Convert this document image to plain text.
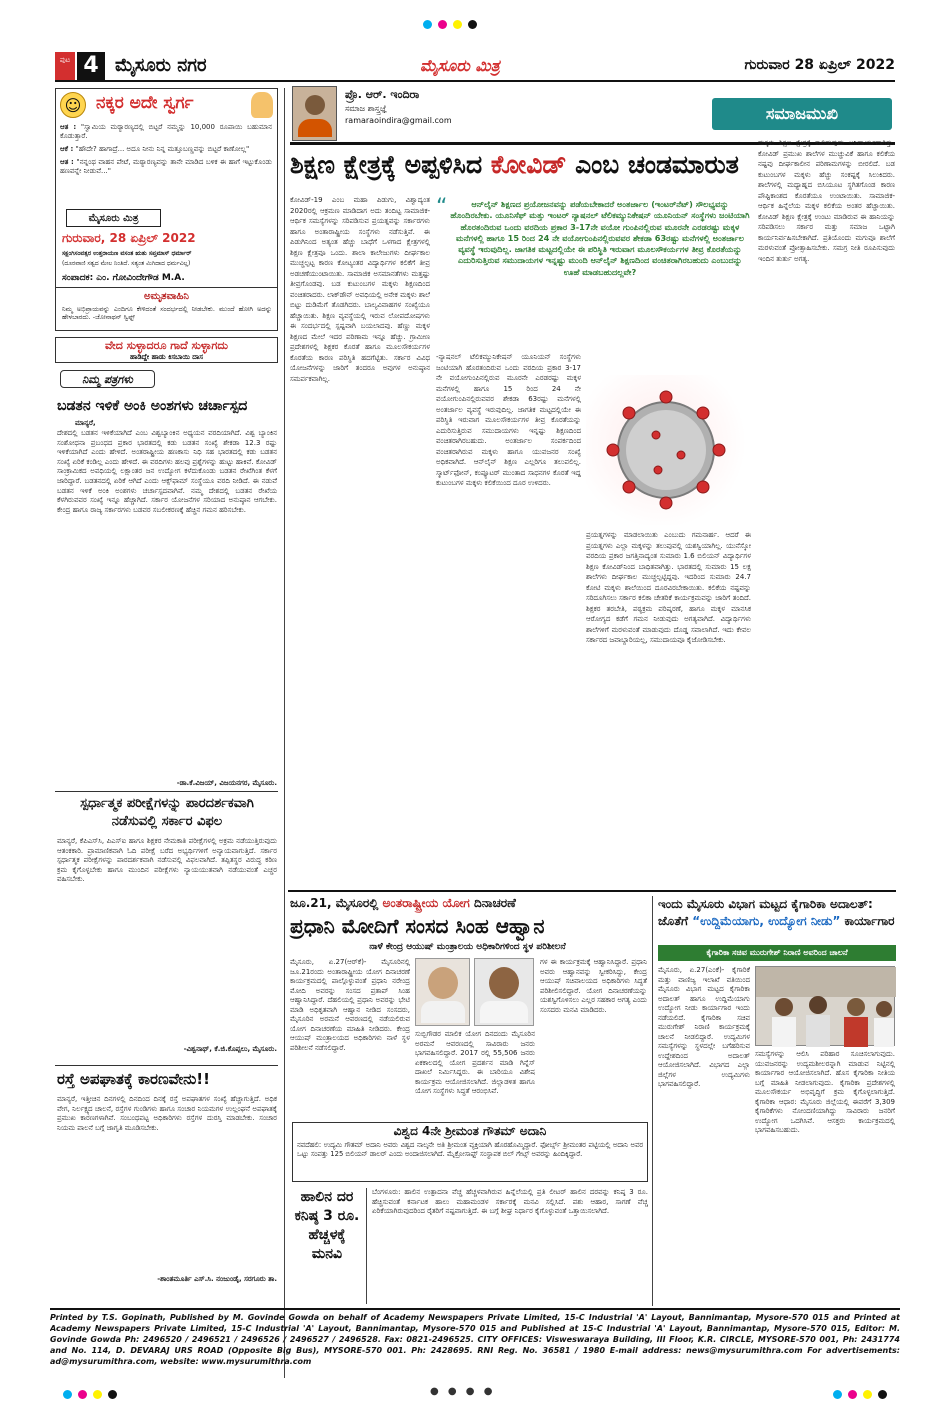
ಪುಟ 4 ಮೈಸೂರು ನಗರ	ಮೈಸೂರು ಮಿತ್ರ	ಗುರುವಾರ 28 ಏಪ್ರಿಲ್ 2022
☺ ನಕ್ಕರ ಅದೇ ಸ್ವರ್ಗ
ಆತ : "ಸ್ವಾಮಿಯ ಮಠ್ಯಾರಣ್ಯದಲ್ಲಿ ಬಿಟ್ಟರೆ ನಮ್ಮನ್ನು 10,000 ರೂಪಾಯಿ ಬಹುಮಾನ ಕೊಡುತ್ತಾರೆ.
ಆಕೆ : "ಹೌದೇ? ಹಾಗಾದ್ರೆ... ಅದೂ ನೀನು ನಿನ್ನ ಮತ್ತೂಬಣ್ಣವನ್ನು ಬಿಟ್ಟರೆ ಕಾಣೋಲ್ಲ"
ಆತ : "ನನ್ನಂಥ ವಾಹನ ಪೇಟೆ, ಮಠ್ಯಾರಣ್ಯವನ್ನು ತಾನೇ ಮಾಡಿದ ಬಳಿಕ ಈ ಹಾಗೆ ಇಟ್ಟುಕೊಂಡು ಹಣವನ್ನೇ ನೀಡುವೆ..."
ಮೈಸೂರು ಮಿತ್ರ
ಗುರುವಾರ, 28 ಏಪ್ರಿಲ್ 2022
ಸಕ್ಷಂಗಿಸಂವತ್ಸರ ಉತ್ತರಾಯಣ ವಸಂತ ಋತು ಸಪ್ತಮಾಸ್ ಧರ್ಮಾರ್
(ದೂರವಾಣಿ ಸತ್ವದ ಮೇಲ ನಿಂತಿದೆ. ಸತ್ಯಂತ ಮಿಗಿದಾದ ಧರ್ಮವಿಲ್ಲ)
ಸಂಪಾದಕ: ಎಂ. ಗೋವಿಂದೇಗೌಡ M.A.
ಅಮೃತವಾಹಿನಿ
ನಿಮ್ಮ ಅಭಿಪ್ರಾಯವನ್ನು ಎಂದಿಗೂ ಕೇಳಿದಂತೆ ಸಂದರ್ಭದಲ್ಲಿ ನೀಡಬೇಕು. ಮುಂದೆ ಹೋಗಿ ಅದನ್ನು ಹೇಳಬಾರದು. -ಜೋನಾಥನ್ ಸ್ವಿಫ್ಟ್
ವೇದ ಸುಳ್ಳಾದರೂ ಗಾದೆ ಸುಳ್ಳಾಗದು
ಹಾಡಿದ್ದೇ ಹಾಡು ಕಿಸಬಾಯಿ ದಾಸ
ನಿಮ್ಮ ಪತ್ರಗಳು
ಬಡತನ ಇಳಿಕೆ ಅಂಕಿ ಅಂಶಗಳು ಚರ್ಚಾಸ್ಪದ
ಮಾನ್ಯರೆ,
ದೇಶದಲ್ಲಿ ಬಡತನ ಇಳಿಕೆಯಾಗಿದೆ ಎಂಬ ವಿಶ್ವಬ್ಯಾಂಕಿನ ಅಧ್ಯಯನ ವರದಿಯಾಗಿದೆ. ವಿಶ್ವ ಬ್ಯಾಂಕಿನ ಸಂಶೋಧನಾ ಪ್ರಬಂಧದ ಪ್ರಕಾರ ಭಾರತದಲ್ಲಿ ಕಡು ಬಡತನ ಸಂಖ್ಯೆ ಶೇಕಡಾ 12.3 ರಷ್ಟು ಇಳಿಕೆಯಾಗಿದೆ ಎಂದು ಹೇಳಿದೆ. ಅಂತರಾಷ್ಟ್ರೀಯ ಹಣಕಾಸು ನಿಧಿ ಸಹ ಭಾರತದಲ್ಲಿ ಕಡು ಬಡತನ ಸಂಖ್ಯೆ ಏರಿಕೆ ಕಂಡಿಲ್ಲ ಎಂದು ಹೇಳಿದೆ. ಈ ವರದಿಗಳು ಹಲವು ಪ್ರಶ್ನೆಗಳನ್ನು ಹುಟ್ಟು ಹಾಕಿವೆ. ಕೋವಿಡ್ ಸಾಂಕ್ರಾಮಿಕದ ಅವಧಿಯಲ್ಲಿ ಲಕ್ಷಾಂತರ ಜನ ಉದ್ಯೋಗ ಕಳೆದುಕೊಂಡು ಬಡತನ ರೇಖೆಗಿಂತ ಕೆಳಗೆ ಜಾರಿದ್ದಾರೆ. ಬಡತನದಲ್ಲಿ ಏರಿಕೆ ಆಗಿದೆ ಎಂದು ಆಕ್ಸ್‌ಫಾಮ್ ಸಂಸ್ಥೆಯೂ ವರದಿ ನೀಡಿದೆ. ಈ ನಡುವೆ ಬಡತನ ಇಳಿಕೆ ಅಂಕಿ ಅಂಶಗಳು ಚರ್ಚಾಸ್ಪದವಾಗಿವೆ. ನಮ್ಮ ದೇಶದಲ್ಲಿ ಬಡತನ ರೇಖೆಯ ಕೆಳಗಿರುವವರ ಸಂಖ್ಯೆ ಇನ್ನೂ ಹೆಚ್ಚಾಗಿದೆ. ಸರ್ಕಾರ ಯೋಜನೆಗಳ ಸರಿಯಾದ ಅನುಷ್ಠಾನ ಆಗಬೇಕು. ಕೇಂದ್ರ ಹಾಗೂ ರಾಜ್ಯ ಸರ್ಕಾರಗಳು ಬಡವರ ಸಬಲೀಕರಣಕ್ಕೆ ಹೆಚ್ಚಿನ ಗಮನ ಹರಿಸಬೇಕು.
-ಡಾ.ಕೆ.ವಿಜಯ್, ವಿಜಯನಗರ, ಮೈಸೂರು.
ಸ್ಪರ್ಧಾತ್ಮಕ ಪರೀಕ್ಷೆಗಳನ್ನು ಪಾರದರ್ಶಕವಾಗಿ ನಡೆಸುವಲ್ಲಿ ಸರ್ಕಾರ ವಿಫಲ
ಮಾನ್ಯರೆ, ಕೆಪಿಎಸ್‌ಸಿ, ಪಿಎಸ್‌ಐ ಹಾಗೂ ಶಿಕ್ಷಕರ ನೇಮಕಾತಿ ಪರೀಕ್ಷೆಗಳಲ್ಲಿ ಅಕ್ರಮ ನಡೆಯುತ್ತಿರುವುದು ಆತಂಕಕಾರಿ. ಪ್ರಾಮಾಣಿಕವಾಗಿ ಓದಿ ಪರೀಕ್ಷೆ ಬರೆದ ಅಭ್ಯರ್ಥಿಗಳಿಗೆ ಅನ್ಯಾಯವಾಗುತ್ತಿದೆ. ಸರ್ಕಾರ ಸ್ಪರ್ಧಾತ್ಮಕ ಪರೀಕ್ಷೆಗಳನ್ನು ಪಾರದರ್ಶಕವಾಗಿ ನಡೆಸುವಲ್ಲಿ ವಿಫಲವಾಗಿದೆ. ತಪ್ಪಿತಸ್ಥರ ವಿರುದ್ಧ ಕಠಿಣ ಕ್ರಮ ಕೈಗೊಳ್ಳಬೇಕು ಹಾಗೂ ಮುಂದಿನ ಪರೀಕ್ಷೆಗಳು ನ್ಯಾಯಯುತವಾಗಿ ನಡೆಯುವಂತೆ ಎಚ್ಚರ ವಹಿಸಬೇಕು.
-ವಿಶ್ವನಾಥ್, ಕೆ.ಜಿ.ಕೊಪ್ಪಲು, ಮೈಸೂರು.
ರಸ್ತೆ ಅಪಘಾತಕ್ಕೆ ಕಾರಣವೇನು!!
ಮಾನ್ಯರೆ, ಇತ್ತೀಚಿನ ದಿನಗಳಲ್ಲಿ ದಿನದಿಂದ ದಿನಕ್ಕೆ ರಸ್ತೆ ಅಪಘಾತಗಳ ಸಂಖ್ಯೆ ಹೆಚ್ಚಾಗುತ್ತಿದೆ. ಅಧಿಕ ವೇಗ, ನಿರ್ಲಕ್ಷ್ಯದ ಚಾಲನೆ, ರಸ್ತೆಗಳ ಗುಂಡಿಗಳು ಹಾಗೂ ಸಂಚಾರ ನಿಯಮಗಳ ಉಲ್ಲಂಘನೆ ಅಪಘಾತಕ್ಕೆ ಪ್ರಮುಖ ಕಾರಣಗಳಾಗಿವೆ. ಸಂಬಂಧಪಟ್ಟ ಅಧಿಕಾರಿಗಳು ರಸ್ತೆಗಳ ದುರಸ್ತಿ ಮಾಡಬೇಕು. ಸಂಚಾರ ನಿಯಮ ಪಾಲನೆ ಬಗ್ಗೆ ಜಾಗೃತಿ ಮೂಡಿಸಬೇಕು.
-ಶಾಂತಮೂರ್ತಿ ಎಸ್.ಸಿ. ನಂಜುಂಡೈ, ಸರಗೂರು ತಾ.
ಪ್ರೊ. ಆರ್. ಇಂದಿರಾ
ಸಮಾಜ ಶಾಸ್ತ್ರಜ್ಞೆ
ramaraoindira@gmail.com	ಸಮಾಜಮುಖಿ
ಶಿಕ್ಷಣ ಕ್ಷೇತ್ರಕ್ಕೆ ಅಪ್ಪಳಿಸಿದ ಕೋವಿಡ್ ಎಂಬ ಚಂಡಮಾರುತ
“	ಆನ್‌ಲೈನ್ ಶಿಕ್ಷಣದ ಪ್ರಯೋಜನವನ್ನು ಪಡೆಯಬೇಕಾದರೆ ಅಂತರ್ಜಾಲ (ಇಂಟರ್‌ನೆಟ್) ಸೌಲಭ್ಯವನ್ನು ಹೊಂದಿರಬೇಕು. ಯೂನಿಸೆಫ್ ಮತ್ತು ಇಂಟರ್ ನ್ಯಾಷನಲ್ ಟೆಲಿಕಮ್ಯುನಿಕೇಷನ್ ಯೂನಿಯನ್ ಸಂಸ್ಥೆಗಳು ಜಂಟಿಯಾಗಿ ಹೊರತಂದಿರುವ ಒಂದು ವರದಿಯ ಪ್ರಕಾರ 3-17ನೇ ವಯೋ ಗುಂಪಿನಲ್ಲಿರುವ ಮೂರನೇ ಎರಡರಷ್ಟು ಮಕ್ಕಳ ಮನೆಗಳಲ್ಲಿ ಹಾಗೂ 15 ರಿಂದ 24 ನೇ ವಯೋಗುಂಪಿನಲ್ಲಿರುವವರ ಶೇಕಡಾ 63ರಷ್ಟು ಮನೆಗಳಲ್ಲಿ ಅಂತರ್ಜಾಲ ವ್ಯವಸ್ಥೆ ಇರುವುದಿಲ್ಲ. ಜಾಗತಿಕ ಮಟ್ಟದಲ್ಲಿಯೇ ಈ ಪರಿಸ್ಥಿತಿ ಇರುವಾಗ ಮೂಲಸೌಕರ್ಯಗಳ ತೀವ್ರ ಕೊರತೆಯನ್ನು ಎದುರಿಸುತ್ತಿರುವ ಸಮುದಾಯಗಳ ಇನ್ನಷ್ಟು ಮುಂದಿ ಆನ್‌ಲೈನ್ ಶಿಕ್ಷಣದಿಂದ ವಂಚಿತರಾಗಿರಬಹುದು ಎಂಬುದನ್ನು ಊಹೆ ಮಾಡಬಹುದಲ್ಲವೇ?
ಕೋವಿಡ್-19 ಎಂಬ ಮಹಾ ಪಿಡುಗು, ವಿಶ್ವಾದ್ಯಂತ 2020ರಲ್ಲಿ ಆಕ್ರಮಣ ಮಾಡಿದಾಗ ಅದು ತಂದಿಟ್ಟ ಸಾಮಾಜಿಕ-ಆರ್ಥಿಕ ಸಮಸ್ಯೆಗಳನ್ನು ಸರಿಪಡಿಸುವ ಪ್ರಯತ್ನವನ್ನು ಸರ್ಕಾರಗಳು ಹಾಗೂ ಅಂತಾರಾಷ್ಟ್ರೀಯ ಸಂಸ್ಥೆಗಳು ನಡೆಸುತ್ತಿವೆ. ಈ ಪಿಡುಗಿನಿಂದ ಅತ್ಯಂತ ಹೆಚ್ಚು ಬಾಧೆಗೆ ಒಳಗಾದ ಕ್ಷೇತ್ರಗಳಲ್ಲಿ ಶಿಕ್ಷಣ ಕ್ಷೇತ್ರವೂ ಒಂದು. ಶಾಲಾ ಕಾಲೇಜುಗಳು ದೀರ್ಘಕಾಲ ಮುಚ್ಚಲ್ಪಟ್ಟ ಕಾರಣ ಕೋಟ್ಯಂತರ ವಿದ್ಯಾರ್ಥಿಗಳ ಕಲಿಕೆಗೆ ತೀವ್ರ ಅಡಚಣೆಯುಂಟಾಯಿತು. ಸಾಮಾಜಿಕ ಅಸಮಾನತೆಗಳು ಮತ್ತಷ್ಟು ತೀವ್ರಗೊಂಡವು. ಬಡ ಕುಟುಂಬಗಳ ಮಕ್ಕಳು ಶಿಕ್ಷಣದಿಂದ ವಂಚಿತರಾದರು. ಲಾಕ್‌ಡೌನ್ ಅವಧಿಯಲ್ಲಿ ಅನೇಕ ಮಕ್ಕಳು ಶಾಲೆ ಬಿಟ್ಟು ದುಡಿಮೆಗೆ ತೊಡಗಿದರು. ಬಾಲ್ಯವಿವಾಹಗಳ ಸಂಖ್ಯೆಯೂ ಹೆಚ್ಚಾಯಿತು. ಶಿಕ್ಷಣ ವ್ಯವಸ್ಥೆಯಲ್ಲಿ ಇರುವ ಲೋಪದೋಷಗಳು ಈ ಸಂದರ್ಭದಲ್ಲಿ ಸ್ಪಷ್ಟವಾಗಿ ಬಯಲಾದವು. ಹೆಣ್ಣು ಮಕ್ಕಳ ಶಿಕ್ಷಣದ ಮೇಲೆ ಇದರ ಪರಿಣಾಮ ಇನ್ನೂ ಹೆಚ್ಚು. ಗ್ರಾಮೀಣ ಪ್ರದೇಶಗಳಲ್ಲಿ ಶಿಕ್ಷಕರ ಕೊರತೆ ಹಾಗೂ ಮೂಲಸೌಕರ್ಯಗಳ ಕೊರತೆಯ ಕಾರಣ ಪರಿಸ್ಥಿತಿ ಹದಗೆಟ್ಟಿತು. ಸರ್ಕಾರ ವಿವಿಧ ಯೋಜನೆಗಳನ್ನು ಜಾರಿಗೆ ತಂದರೂ ಅವುಗಳ ಅನುಷ್ಠಾನ ಸಮರ್ಪಕವಾಗಿಲ್ಲ.
-ನ್ಯಾಷನಲ್ ಟೆಲಿಕಮ್ಯುನಿಕೇಷನ್ ಯೂನಿಯನ್ ಸಂಸ್ಥೆಗಳು ಜಂಟಿಯಾಗಿ ಹೊರತಂದಿರುವ ಒಂದು ವರದಿಯ ಪ್ರಕಾರ 3-17 ನೇ ವಯೋಗುಂಪಿನಲ್ಲಿರುವ ಮೂರನೇ ಎರಡರಷ್ಟು ಮಕ್ಕಳ ಮನೆಗಳಲ್ಲಿ ಹಾಗೂ 15 ರಿಂದ 24 ನೇ ವಯೋಗುಂಪಿನಲ್ಲಿರುವವರ ಶೇಕಡಾ 63ರಷ್ಟು ಮನೆಗಳಲ್ಲಿ ಅಂತರ್ಜಾಲ ವ್ಯವಸ್ಥೆ ಇರುವುದಿಲ್ಲ. ಜಾಗತಿಕ ಮಟ್ಟದಲ್ಲಿಯೇ ಈ ಪರಿಸ್ಥಿತಿ ಇರುವಾಗ ಮೂಲಸೌಕರ್ಯಗಳ ತೀವ್ರ ಕೊರತೆಯನ್ನು ಎದುರಿಸುತ್ತಿರುವ ಸಮುದಾಯಗಳು ಇನ್ನಷ್ಟು ಶಿಕ್ಷಣದಿಂದ ವಂಚಿತರಾಗಿರಬಹುದು. ಅಂತರ್ಜಾಲ ಸಂಪರ್ಕದಿಂದ ವಂಚಿತರಾಗಿರುವ ಮಕ್ಕಳು ಹಾಗೂ ಯುವಜನರ ಸಂಖ್ಯೆ ಅಧಿಕವಾಗಿದೆ. ಆನ್‌ಲೈನ್ ಶಿಕ್ಷಣ ಎಲ್ಲರಿಗೂ ತಲುಪಲಿಲ್ಲ. ಸ್ಮಾರ್ಟ್‌ಫೋನ್, ಕಂಪ್ಯೂಟರ್ ಮುಂತಾದ ಸಾಧನಗಳ ಕೊರತೆ ಇದ್ದ ಕುಟುಂಬಗಳ ಮಕ್ಕಳು ಕಲಿಕೆಯಿಂದ ದೂರ ಉಳಿದರು.
ಪ್ರಯತ್ನಗಳನ್ನು ಮಾಡಲಾಯಿತು ಎಂಬುದು ಗಮನಾರ್ಹ. ಆದರೆ ಈ ಪ್ರಯತ್ನಗಳು ಎಲ್ಲಾ ಮಕ್ಕಳನ್ನು ತಲುಪುವಲ್ಲಿ ಯಶಸ್ವಿಯಾಗಿಲ್ಲ. ಯುನೆಸ್ಕೋ ವರದಿಯ ಪ್ರಕಾರ ಜಗತ್ತಿನಾದ್ಯಂತ ಸುಮಾರು 1.6 ಬಿಲಿಯನ್ ವಿದ್ಯಾರ್ಥಿಗಳ ಶಿಕ್ಷಣ ಕೋವಿಡ್‌ನಿಂದ ಬಾಧಿತವಾಗಿತ್ತು. ಭಾರತದಲ್ಲಿ ಸುಮಾರು 15 ಲಕ್ಷ ಶಾಲೆಗಳು ದೀರ್ಘಕಾಲ ಮುಚ್ಚಲ್ಪಟ್ಟಿದ್ದವು. ಇದರಿಂದ ಸುಮಾರು 24.7 ಕೋಟಿ ಮಕ್ಕಳು ಶಾಲೆಯಿಂದ ದೂರವಿರಬೇಕಾಯಿತು. ಕಲಿಕೆಯ ನಷ್ಟವನ್ನು ಸರಿದೂಗಿಸಲು ಸರ್ಕಾರ ಕಲಿಕಾ ಚೇತರಿಕೆ ಕಾರ್ಯಕ್ರಮವನ್ನು ಜಾರಿಗೆ ತಂದಿದೆ. ಶಿಕ್ಷಕರ ತರಬೇತಿ, ಪಠ್ಯಕ್ರಮ ಪರಿಷ್ಕರಣೆ, ಹಾಗೂ ಮಕ್ಕಳ ಮಾನಸಿಕ ಆರೋಗ್ಯದ ಕಡೆಗೆ ಗಮನ ನೀಡುವುದು ಅಗತ್ಯವಾಗಿದೆ. ವಿದ್ಯಾರ್ಥಿಗಳು ಶಾಲೆಗಳಿಗೆ ಮರಳುವಂತೆ ಮಾಡುವುದು ದೊಡ್ಡ ಸವಾಲಾಗಿದೆ. ಇದು ಕೇವಲ ಸರ್ಕಾರದ ಜವಾಬ್ದಾರಿಯಲ್ಲ, ಸಮುದಾಯವೂ ಕೈಜೋಡಿಸಬೇಕು.
ಮಕ್ಕಳು ಶಿಕ್ಷಣ ಕ್ಷೇತ್ರಕ್ಕೆ ಕಾಲಿಡುವುದು ಅನಿವಾರ್ಯವಾಗಿತ್ತು. ಕೋವಿಡ್ ಪ್ರಮುಖ ಶಾಲೆಗಳ ಮುಚ್ಚುವಿಕೆ ಹಾಗೂ ಕಲಿಕೆಯ ನಷ್ಟವು ದೀರ್ಘಕಾಲೀನ ಪರಿಣಾಮಗಳನ್ನು ಬೀರಲಿದೆ. ಬಡ ಕುಟುಂಬಗಳ ಮಕ್ಕಳು ಹೆಚ್ಚು ಸಂಕಷ್ಟಕ್ಕೆ ಸಿಲುಕಿದರು. ಶಾಲೆಗಳಲ್ಲಿ ಮಧ್ಯಾಹ್ನದ ಬಿಸಿಯೂಟ ಸ್ಥಗಿತಗೊಂಡ ಕಾರಣ ಪೌಷ್ಟಿಕಾಂಶದ ಕೊರತೆಯೂ ಉಂಟಾಯಿತು. ಸಾಮಾಜಿಕ-ಆರ್ಥಿಕ ಹಿನ್ನೆಲೆಯ ಮಕ್ಕಳ ಕಲಿಕೆಯ ಅಂತರ ಹೆಚ್ಚಾಯಿತು. ಕೋವಿಡ್ ಶಿಕ್ಷಣ ಕ್ಷೇತ್ರಕ್ಕೆ ಉಂಟು ಮಾಡಿರುವ ಈ ಹಾನಿಯನ್ನು ಸರಿಪಡಿಸಲು ಸರ್ಕಾರ ಮತ್ತು ಸಮಾಜ ಒಟ್ಟಾಗಿ ಕಾರ್ಯನಿರ್ವಹಿಸಬೇಕಾಗಿದೆ. ಪ್ರತಿಯೊಂದು ಮಗುವೂ ಶಾಲೆಗೆ ಮರಳುವಂತೆ ಪ್ರೋತ್ಸಾಹಿಸಬೇಕು. ಸಮಗ್ರ ನೀತಿ ರೂಪಿಸುವುದು ಇಂದಿನ ತುರ್ತು ಅಗತ್ಯ.
ಜೂ.21, ಮೈಸೂರಲ್ಲಿ ಅಂತರಾಷ್ಟ್ರೀಯ ಯೋಗ ದಿನಾಚರಣೆ
ಪ್ರಧಾನಿ ಮೋದಿಗೆ ಸಂಸದ ಸಿಂಹ ಆಹ್ವಾನ
ನಾಳೆ ಕೇಂದ್ರ ಆಯುಷ್ ಮಂತ್ರಾಲಯ ಅಧಿಕಾರಿಗಳಿಂದ ಸ್ಥಳ ಪರಿಶೀಲನೆ
ಮೈಸೂರು, ಏ.27(ಆರ್‌ಕೆ)- ಮೈಸೂರಿನಲ್ಲಿ ಜೂ.21ರಂದು ಅಂತಾರಾಷ್ಟ್ರೀಯ ಯೋಗ ದಿನಾಚರಣೆ ಕಾರ್ಯಕ್ರಮದಲ್ಲಿ ಪಾಲ್ಗೊಳ್ಳುವಂತೆ ಪ್ರಧಾನಿ ನರೇಂದ್ರ ಮೋದಿ ಅವರನ್ನು ಸಂಸದ ಪ್ರತಾಪ್ ಸಿಂಹ ಆಹ್ವಾನಿಸಿದ್ದಾರೆ. ದೆಹಲಿಯಲ್ಲಿ ಪ್ರಧಾನಿ ಅವರನ್ನು ಭೇಟಿ ಮಾಡಿ ಅಧಿಕೃತವಾಗಿ ಆಹ್ವಾನ ನೀಡಿದ ಸಂಸದರು, ಮೈಸೂರಿನ ಅರಮನೆ ಆವರಣದಲ್ಲಿ ನಡೆಯಲಿರುವ ಯೋಗ ದಿನಾಚರಣೆಯ ಮಾಹಿತಿ ನೀಡಿದರು. ಕೇಂದ್ರ ಆಯುಷ್ ಮಂತ್ರಾಲಯದ ಅಧಿಕಾರಿಗಳು ನಾಳೆ ಸ್ಥಳ ಪರಿಶೀಲನೆ ನಡೆಸಲಿದ್ದಾರೆ.
ಸುಬ್ಬಿಗೌಡರ ಮಾಲಿಕ ಯೋಗ ದಿನದಂದು ಮೈಸೂರಿನ ಅರಮನೆ ಆವರಣದಲ್ಲಿ ಸಾವಿರಾರು ಜನರು ಭಾಗವಹಿಸಲಿದ್ದಾರೆ. 2017 ರಲ್ಲಿ 55,506 ಜನರು ಏಕಕಾಲದಲ್ಲಿ ಯೋಗ ಪ್ರದರ್ಶನ ಮಾಡಿ ಗಿನ್ನೆಸ್ ದಾಖಲೆ ನಿರ್ಮಿಸಿದ್ದರು. ಈ ಬಾರಿಯೂ ವಿಶೇಷ ಕಾರ್ಯಕ್ರಮ ಆಯೋಜಿಸಲಾಗಿದೆ. ಜಿಲ್ಲಾಡಳಿತ ಹಾಗೂ ಯೋಗ ಸಂಸ್ಥೆಗಳು ಸಿದ್ಧತೆ ಆರಂಭಿಸಿವೆ.
ಗಳ ಈ ಕಾರ್ಯಕ್ರಮಕ್ಕೆ ಆಹ್ವಾನಿಸಿದ್ದಾರೆ. ಪ್ರಧಾನಿ ಅವರು ಆಹ್ವಾನವನ್ನು ಸ್ವೀಕರಿಸಿದ್ದು, ಕೇಂದ್ರ ಆಯುಷ್ ಸಚಿವಾಲಯದ ಅಧಿಕಾರಿಗಳು ಸಿದ್ಧತೆ ಪರಿಶೀಲಿಸಲಿದ್ದಾರೆ. ಯೋಗ ದಿನಾಚರಣೆಯನ್ನು ಯಶಸ್ವಿಗೊಳಿಸಲು ಎಲ್ಲರ ಸಹಕಾರ ಅಗತ್ಯ ಎಂದು ಸಂಸದರು ಮನವಿ ಮಾಡಿದರು.
ವಿಶ್ವದ 4ನೇ ಶ್ರೀಮಂತ ಗೌತಮ್ ಅದಾನಿ
ನವದೆಹಲಿ: ಉದ್ಯಮಿ ಗೌತಮ್ ಅದಾನಿ ಅವರು ವಿಶ್ವದ ನಾಲ್ಕನೇ ಅತಿ ಶ್ರೀಮಂತ ವ್ಯಕ್ತಿಯಾಗಿ ಹೊರಹೊಮ್ಮಿದ್ದಾರೆ. ಫೋರ್ಬ್ಸ್ ಶ್ರೀಮಂತರ ಪಟ್ಟಿಯಲ್ಲಿ ಅದಾನಿ ಅವರ ಒಟ್ಟು ಸಂಪತ್ತು 125 ಬಿಲಿಯನ್ ಡಾಲರ್ ಎಂದು ಅಂದಾಜಿಸಲಾಗಿದೆ. ಮೈಕ್ರೋಸಾಫ್ಟ್ ಸಂಸ್ಥಾಪಕ ಬಿಲ್ ಗೇಟ್ಸ್ ಅವರನ್ನು ಹಿಂದಿಕ್ಕಿದ್ದಾರೆ.
ಹಾಲಿನ ದರ ಕನಿಷ್ಠ 3 ರೂ. ಹೆಚ್ಚಳಕ್ಕೆ ಮನವಿ
ಬೆಂಗಳೂರು: ಹಾಲಿನ ಉತ್ಪಾದನಾ ವೆಚ್ಚ ಹೆಚ್ಚಳವಾಗಿರುವ ಹಿನ್ನೆಲೆಯಲ್ಲಿ ಪ್ರತಿ ಲೀಟರ್ ಹಾಲಿನ ದರವನ್ನು ಕನಿಷ್ಠ 3 ರೂ. ಹೆಚ್ಚಿಸುವಂತೆ ಕರ್ನಾಟಕ ಹಾಲು ಮಹಾಮಂಡಳ ಸರ್ಕಾರಕ್ಕೆ ಮನವಿ ಸಲ್ಲಿಸಿದೆ. ಪಶು ಆಹಾರ, ಸಾಗಣೆ ವೆಚ್ಚ ಏರಿಕೆಯಾಗಿರುವುದರಿಂದ ರೈತರಿಗೆ ನಷ್ಟವಾಗುತ್ತಿದೆ. ಈ ಬಗ್ಗೆ ಶೀಘ್ರ ನಿರ್ಧಾರ ಕೈಗೊಳ್ಳುವಂತೆ ಒತ್ತಾಯಿಸಲಾಗಿದೆ.
ಇಂದು ಮೈಸೂರು ವಿಭಾಗ ಮಟ್ಟದ ಕೈಗಾರಿಕಾ ಅದಾಲತ್: ಜೊತೆಗೆ “ಉದ್ದಿಮೆಯಾಗು, ಉದ್ಯೋಗ ನೀಡು” ಕಾರ್ಯಾಗಾರ
ಕೈಗಾರಿಕಾ ಸಚಿವ ಮುರುಗೇಶ್ ನಿರಾಣಿ ಅವರಿಂದ ಚಾಲನೆ
ಮೈಸೂರು, ಏ.27(ಎಂಕೆ)- ಕೈಗಾರಿಕೆ ಮತ್ತು ವಾಣಿಜ್ಯ ಇಲಾಖೆ ವತಿಯಿಂದ ಮೈಸೂರು ವಿಭಾಗ ಮಟ್ಟದ ಕೈಗಾರಿಕಾ ಅದಾಲತ್ ಹಾಗೂ ಉದ್ದಿಮೆಯಾಗು ಉದ್ಯೋಗ ನೀಡು ಕಾರ್ಯಾಗಾರ ಇಂದು ನಡೆಯಲಿದೆ. ಕೈಗಾರಿಕಾ ಸಚಿವ ಮುರುಗೇಶ್ ನಿರಾಣಿ ಕಾರ್ಯಕ್ರಮಕ್ಕೆ ಚಾಲನೆ ನೀಡಲಿದ್ದಾರೆ. ಉದ್ಯಮಿಗಳ ಸಮಸ್ಯೆಗಳನ್ನು ಸ್ಥಳದಲ್ಲೇ ಬಗೆಹರಿಸುವ ಉದ್ದೇಶದಿಂದ ಅದಾಲತ್ ಆಯೋಜಿಸಲಾಗಿದೆ. ವಿಭಾಗದ ಎಲ್ಲಾ ಜಿಲ್ಲೆಗಳ ಉದ್ಯಮಿಗಳು ಭಾಗವಹಿಸಲಿದ್ದಾರೆ.
ಸಮಸ್ಯೆಗಳನ್ನು ಆಲಿಸಿ ಪರಿಹಾರ ಸೂಚಿಸಲಾಗುವುದು. ಯುವಜನರನ್ನು ಉದ್ಯಮಶೀಲರನ್ನಾಗಿ ಮಾಡುವ ನಿಟ್ಟಿನಲ್ಲಿ ಕಾರ್ಯಾಗಾರ ಆಯೋಜಿಸಲಾಗಿದೆ. ಹೊಸ ಕೈಗಾರಿಕಾ ನೀತಿಯ ಬಗ್ಗೆ ಮಾಹಿತಿ ನೀಡಲಾಗುವುದು. ಕೈಗಾರಿಕಾ ಪ್ರದೇಶಗಳಲ್ಲಿ ಮೂಲಸೌಕರ್ಯ ಅಭಿವೃದ್ಧಿಗೆ ಕ್ರಮ ಕೈಗೊಳ್ಳಲಾಗುತ್ತಿದೆ. ಕೈಗಾರಿಕಾ ಆಧಾರ: ಮೈಸೂರು ಜಿಲ್ಲೆಯಲ್ಲಿ ಈವರೆಗೆ 3,309 ಕೈಗಾರಿಕೆಗಳು ನೋಂದಣಿಯಾಗಿದ್ದು ಸಾವಿರಾರು ಜನರಿಗೆ ಉದ್ಯೋಗ ಒದಗಿಸಿವೆ. ಆಸಕ್ತರು ಕಾರ್ಯಕ್ರಮದಲ್ಲಿ ಭಾಗವಹಿಸಬಹುದು.
Printed by T.S. Gopinath, Published by M. Govinde Gowda on behalf of Academy Newspapers Private Limited, 15-C Industrial 'A' Layout, Bannimantap, Mysore-570 015 and Printed at Academy Newspapers Private Limited, 15-C Industrial 'A' Layout, Bannimantap, Mysore-570 015 and Published at 15-C Industrial 'A' Layout, Bannimantap, Mysore-570 015, Editor: M. Govinde Gowda Ph: 2496520 / 2496521 / 2496526 / 2496527 / 2496528. Fax: 0821-2496525. CITY OFFICES: Visweswaraya Building, III Floor, K.R. CIRCLE, MYSORE-570 001, Ph: 2431774 and No. 114, D. DEVARAJ URS ROAD (Opposite Big Bus), MYSORE-570 001. Ph: 2428695. RNI Reg. No. 36581 / 1980 E-mail address: news@mysurumithra.com For advertisements: ad@mysurumithra.com, website: www.mysurumithra.com
● ● ● ●
